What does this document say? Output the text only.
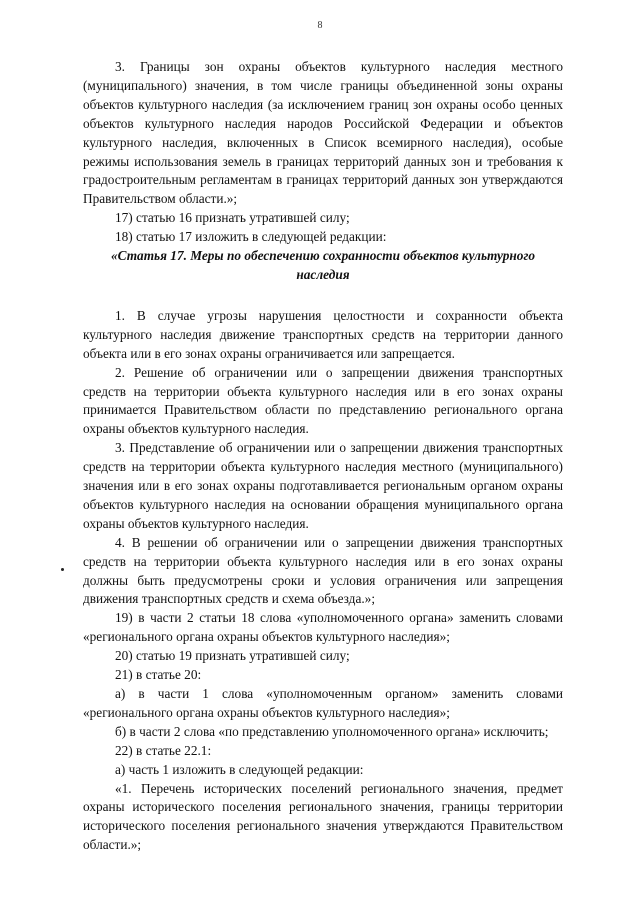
8

3. Границы зон охраны объектов культурного наследия местного (муниципального) значения, в том числе границы объединенной зоны охраны объектов культурного наследия (за исключением границ зон охраны особо ценных объектов культурного наследия народов Российской Федерации и объектов культурного наследия, включенных в Список всемирного наследия), особые режимы использования земель в границах территорий данных зон и требования к градостроительным регламентам в границах территорий данных зон утверждаются Правительством области.»;

17) статью 16 признать утратившей силу;

18) статью 17 изложить в следующей редакции:

«Статья 17. Меры по обеспечению сохранности объектов культурного наследия

1. В случае угрозы нарушения целостности и сохранности объекта культурного наследия движение транспортных средств на территории данного объекта или в его зонах охраны ограничивается или запрещается.

2. Решение об ограничении или о запрещении движения транспортных средств на территории объекта культурного наследия или в его зонах охраны принимается Правительством области по представлению регионального органа охраны объектов культурного наследия.

3. Представление об ограничении или о запрещении движения транспортных средств на территории объекта культурного наследия местного (муниципального) значения или в его зонах охраны подготавливается региональным органом охраны объектов культурного наследия на основании обращения муниципального органа охраны объектов культурного наследия.

4. В решении об ограничении или о запрещении движения транспортных средств на территории объекта культурного наследия или в его зонах охраны должны быть предусмотрены сроки и условия ограничения или запрещения движения транспортных средств и схема объезда.»;

19) в части 2 статьи 18 слова «уполномоченного органа» заменить словами «регионального органа охраны объектов культурного наследия»;

20) статью 19 признать утратившей силу;

21) в статье 20:

а) в части 1 слова «уполномоченным органом» заменить словами «регионального органа охраны объектов культурного наследия»;

б) в части 2 слова «по представлению уполномоченного органа» исключить;

22) в статье 22.1:

а) часть 1 изложить в следующей редакции:

«1. Перечень исторических поселений регионального значения, предмет охраны исторического поселения регионального значения, границы территории исторического поселения регионального значения утверждаются Правительством области.»;
